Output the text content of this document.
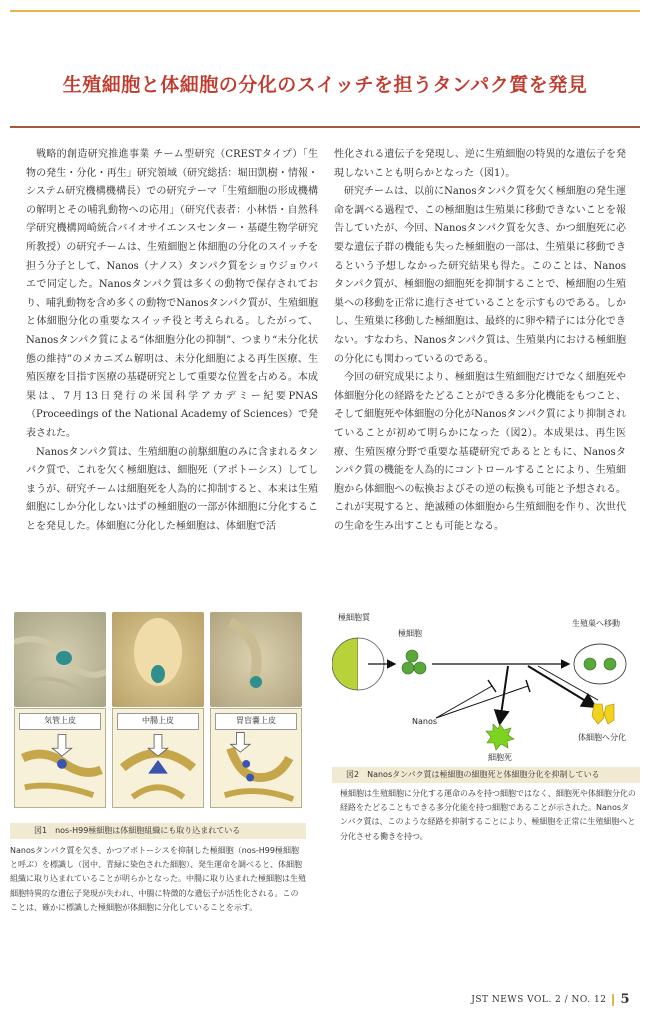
生殖細胞と体細胞の分化のスイッチを担うタンパク質を発見

戦略的創造研究推進事業 チーム型研究（CRESTタイプ）「生物の発生・分化・再生」研究領域（研究総括：堀田凱樹・情報・システム研究機構機構長）での研究テーマ「生殖細胞の形成機構の解明とその哺乳動物への応用」（研究代表者：小林悟・自然科学研究機構岡崎統合バイオサイエンスセンター・基礎生物学研究所教授）の研究チームは、生殖細胞と体細胞の分化のスイッチを担う分子として、Nanos（ナノス）タンパク質をショウジョウバエで同定した。Nanosタンパク質は多くの動物で保存されており、哺乳動物を含め多くの動物でNanosタンパク質が、生殖細胞と体細胞分化の重要なスイッチ役と考えられる。したがって、Nanosタンパク質による“体細胞分化の抑制”、つまり“未分化状態の維持”のメカニズム解明は、未分化細胞による再生医療、生殖医療を目指す医療の基礎研究として重要な位置を占める。本成果は、7月13日発行の米国科学アカデミー紀要PNAS（Proceedings of the National Academy of Sciences）で発表された。

Nanosタンパク質は、生殖細胞の前駆細胞のみに含まれるタンパク質で、これを欠く極細胞は、細胞死（アポトーシス）してしまうが、研究チームは細胞死を人為的に抑制すると、本来は生殖細胞にしか分化しないはずの極細胞の一部が体細胞に分化することを発見した。体細胞に分化した極細胞は、体細胞で活

性化される遺伝子を発現し、逆に生殖細胞の特異的な遺伝子を発現しないことも明らかとなった（図1）。

研究チームは、以前にNanosタンパク質を欠く極細胞の発生運命を調べる過程で、この極細胞は生殖巣に移動できないことを報告していたが、今回、Nanosタンパク質を欠き、かつ細胞死に必要な遺伝子群の機能も失った極細胞の一部は、生殖巣に移動できるという予想しなかった研究結果も得た。このことは、Nanosタンパク質が、極細胞の細胞死を抑制することで、極細胞の生殖巣への移動を正常に進行させていることを示すものである。しかし、生殖巣に移動した極細胞は、最終的に卵や精子には分化できない。すなわち、Nanosタンパク質は、生殖巣内における極細胞の分化にも関わっているのである。

今回の研究成果により、極細胞は生殖細胞だけでなく細胞死や体細胞分化の経路をたどることができる多分化機能をもつこと、そして細胞死や体細胞の分化がNanosタンパク質により抑制されていることが初めて明らかになった（図2）。本成果は、再生医療、生殖医療分野で重要な基礎研究であるとともに、Nanosタンパク質の機能を人為的にコントロールすることにより、生殖細胞から体細胞への転換およびその逆の転換も可能と予想される。これが実現すると、絶滅種の体細胞から生殖細胞を作り、次世代の生命を生み出すことも可能となる。

気管上皮	中腸上皮	胃盲嚢上皮
図1　nos-H99極細胞は体細胞組織にも取り込まれている
Nanosタンパク質を欠き、かつアポトーシスを抑制した極細胞（nos-H99極細胞と呼ぶ）を標識し（図中、青緑に染色された細胞）、発生運命を調べると、体細胞組織に取り込まれていることが明らかとなった。中腸に取り込まれた極細胞は生殖細胞特異的な遺伝子発現が失われ、中腸に特徴的な遺伝子が活性化される。このことは、確かに標識した極細胞が体細胞に分化していることを示す。
極細胞質
極細胞
生殖巣へ移動
Nanos
細胞死
体細胞へ分化
図2　Nanosタンパク質は極細胞の細胞死と体細胞分化を抑制している
極細胞は生殖細胞に分化する運命のみを持つ細胞ではなく、細胞死や体細胞分化の経路をたどることもできる多分化能を持つ細胞であることが示された。Nanosタンパク質は、このような経路を抑制することにより、極細胞を正常に生殖細胞へと分化させる働きを持つ。
JST NEWS VOL. 2 / NO. 12 5
